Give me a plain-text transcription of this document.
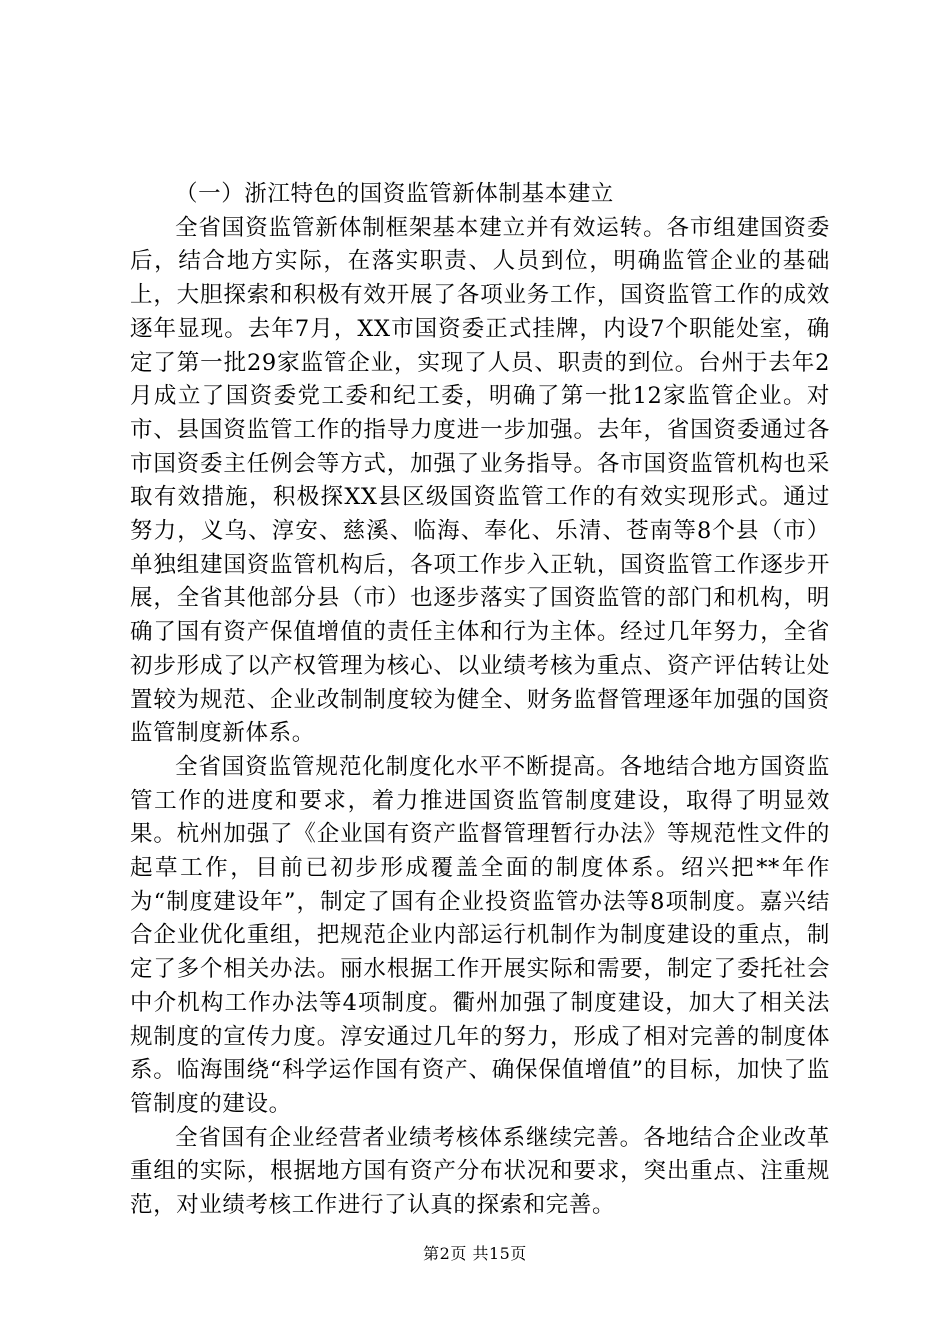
（一）浙江特色的国资监管新体制基本建立

全省国资监管新体制框架基本建立并有效运转。各市组建国资委后，结合地方实际，在落实职责、人员到位，明确监管企业的基础上，大胆探索和积极有效开展了各项业务工作，国资监管工作的成效逐年显现。去年7月，XX市国资委正式挂牌，内设7个职能处室，确定了第一批29家监管企业，实现了人员、职责的到位。台州于去年2月成立了国资委党工委和纪工委，明确了第一批12家监管企业。对市、县国资监管工作的指导力度进一步加强。去年，省国资委通过各市国资委主任例会等方式，加强了业务指导。各市国资监管机构也采取有效措施，积极探XX县区级国资监管工作的有效实现形式。通过努力，义乌、淳安、慈溪、临海、奉化、乐清、苍南等8个县（市）单独组建国资监管机构后，各项工作步入正轨，国资监管工作逐步开展，全省其他部分县（市）也逐步落实了国资监管的部门和机构，明确了国有资产保值增值的责任主体和行为主体。经过几年努力，全省初步形成了以产权管理为核心、以业绩考核为重点、资产评估转让处置较为规范、企业改制制度较为健全、财务监督管理逐年加强的国资监管制度新体系。

全省国资监管规范化制度化水平不断提高。各地结合地方国资监管工作的进度和要求，着力推进国资监管制度建设，取得了明显效果。杭州加强了《企业国有资产监督管理暂行办法》等规范性文件的起草工作，目前已初步形成覆盖全面的制度体系。绍兴把**年作为“制度建设年”，制定了国有企业投资监管办法等8项制度。嘉兴结合企业优化重组，把规范企业内部运行机制作为制度建设的重点，制定了多个相关办法。丽水根据工作开展实际和需要，制定了委托社会中介机构工作办法等4项制度。衢州加强了制度建设，加大了相关法规制度的宣传力度。淳安通过几年的努力，形成了相对完善的制度体系。临海围绕“科学运作国有资产、确保保值增值”的目标，加快了监管制度的建设。

全省国有企业经营者业绩考核体系继续完善。各地结合企业改革重组的实际，根据地方国有资产分布状况和要求，突出重点、注重规范，对业绩考核工作进行了认真的探索和完善。

第2页 共15页
